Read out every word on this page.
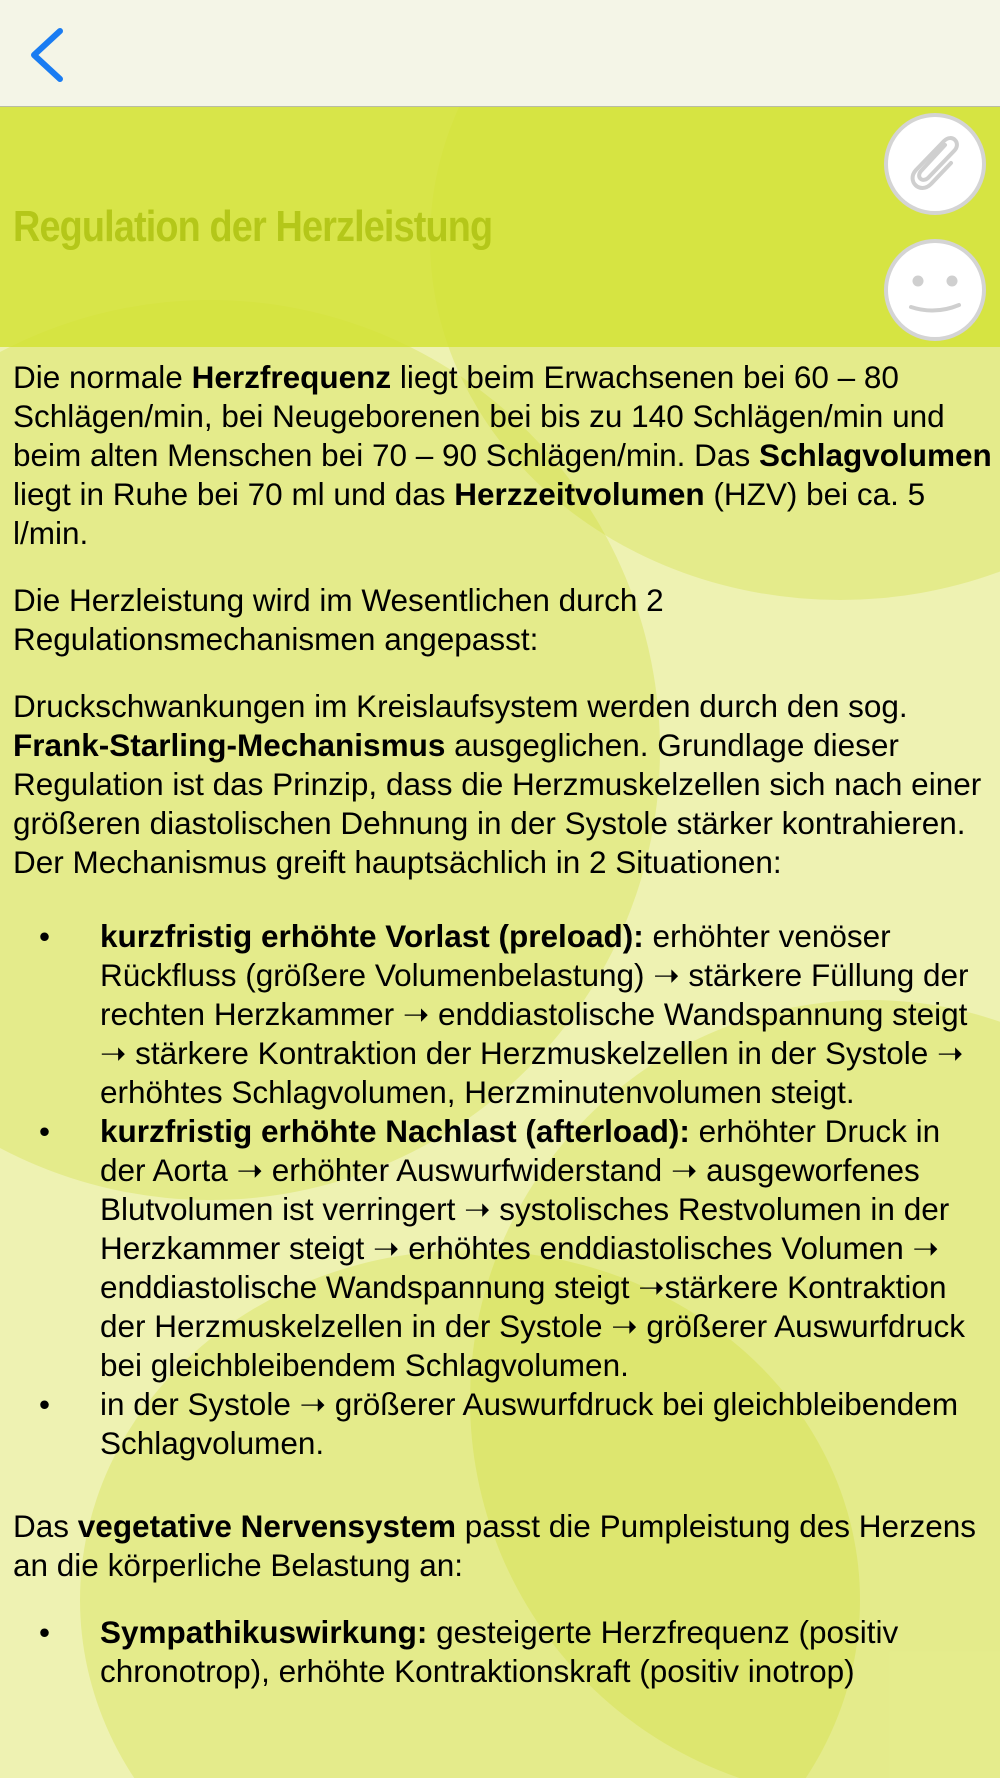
Regulation der Herzleistung

Die normale Herzfrequenz liegt beim Erwachsenen bei 60 – 80 Schlägen/min, bei Neugeborenen bei bis zu 140 Schlägen/min und beim alten Menschen bei 70 – 90 Schlägen/min. Das Schlagvolumen liegt in Ruhe bei 70 ml und das Herzzeitvolumen (HZV) bei ca. 5 l/min.

Die Herzleistung wird im Wesentlichen durch 2 Regulationsmechanismen angepasst:

Druckschwankungen im Kreislaufsystem werden durch den sog. Frank-Starling-Mechanismus ausgeglichen. Grundlage dieser Regulation ist das Prinzip, dass die Herzmuskelzellen sich nach einer größeren diastolischen Dehnung in der Systole stärker kontrahieren. Der Mechanismus greift hauptsächlich in 2 Situationen:

• kurzfristig erhöhte Vorlast (preload): erhöhter venöser Rückfluss (größere Volumenbelastung) ➝ stärkere Füllung der rechten Herzkammer ➝ enddiastolische Wandspannung steigt ➝ stärkere Kontraktion der Herzmuskelzellen in der Systole ➝ erhöhtes Schlagvolumen, Herzminutenvolumen steigt.
• kurzfristig erhöhte Nachlast (afterload): erhöhter Druck in der Aorta ➝ erhöhter Auswurfwiderstand ➝ ausgeworfenes Blutvolumen ist verringert ➝ systolisches Restvolumen in der Herzkammer steigt ➝ erhöhtes enddiastolisches Volumen ➝ enddiastolische Wandspannung steigt ➝stärkere Kontraktion der Herzmuskelzellen in der Systole ➝ größerer Auswurfdruck bei gleichbleibendem Schlagvolumen.
• in der Systole ➝ größerer Auswurfdruck bei gleichbleibendem Schlagvolumen.

Das vegetative Nervensystem passt die Pumpleistung des Herzens an die körperliche Belastung an:

• Sympathikuswirkung: gesteigerte Herzfrequenz (positiv chronotrop), erhöhte Kontraktionskraft (positiv inotrop)
